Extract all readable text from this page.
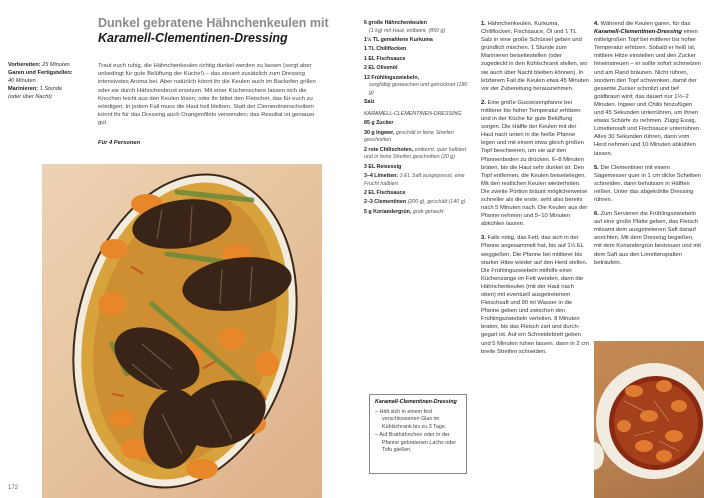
Dunkel gebratene Hähnchenkeulen mit
Karamell-Clementinen-Dressing
Vorbereiten: 25 Minuten
Garen und Fertigstellen:
40 Minuten
Marinieren: 1 Stunde
(oder über Nacht)
Traut euch ruhig, die Hähnchenkeulen richtig dunkel werden zu lassen (sorgt aber unbedingt für gute Belüftung der Küche!) – das steuert zusätzlich zum Dressing intensivstes Aroma bei. Aber natürlich könnt ihr die Keulen auch im Backofen grillen oder sie durch Hähnchenbrust ersetzen. Mit einer Küchenschere lassen sich die Knochen leicht aus den Keulen lösen; oder ihr bittet den Fleischer, das für euch zu erledigen. In jedem Fall muss die Haut heil bleiben. Statt der Clementinenscheiben könnt ihr für das Dressing auch Orangenfilets verwenden; das Resultat ist genauso gut.
Für 4 Personen
172
6 große Hähnchenkeulen
(1 kg) mit Haut, entbeint, (850 g)
1½ TL gemahlene Kurkuma
1 TL Chiliflocken
1 EL Fischsauce
2 EL Olivenöl
12 Frühlingszwiebeln,
sorgfältig gewaschen und getrocknet (180 g)
Salz
KARAMELL-CLEMENTINEN-DRESSING
85 g Zucker
30 g Ingwer, geschält in feine Streifen geschnitten
2 rote Chilischoten, entkernt, quer halbiert und in feine Streifen geschnitten (20 g)
3 EL Reisessig
3–4 Limetten: 3 EL Saft ausgepresst, eine Frucht halbiert
2 EL Fischsauce
2–3 Clementinen (200 g), geschält (140 g)
5 g Koriandergrün, grob gehackt
Karamell-Clementinen-Dressing
– Hält sich in einem fest verschlossenen Glas im Kühlschrank bis zu 3 Tage.
– Auf Brathähnchen oder in der Pfanne gebratenen Lachs oder Tofu gießen.

1. Hähnchenkeulen, Kurkuma, Chiliflocken, Fischsauce, Öl und 1 TL Salz in eine große Schüssel geben und gründlich mischen. 1 Stunde zum Marinieren beiseitestellen (oder zugedeckt in den Kühlschrank stellen, wo sie auch über Nacht bleiben können). In letzterem Fall die Keulen etwa 45 Minuten vor der Zubereitung herausnehmen.

2. Eine große Gusseisenpfanne bei mittlerer bis hoher Temperatur erhitzen und in der Küche für gute Belüftung sorgen. Die Hälfte der Keulen mit der Haut nach unten in die heiße Pfanne legen und mit einem etwa gleich großen Topf beschweren, um sie auf den Pfannenboden zu drücken. 6–8 Minuten braten, bis die Haut sehr dunkel ist. Den Topf entfernen, die Keulen beiseitelegen. Mit den restlichen Keulen wiederholen. Die zweite Portion bräunt möglicherweise schneller als die erste, seht also bereits nach 5 Minuten nach. Die Keulen aus der Pfanne nehmen und 5–10 Minuten abkühlen lassen.

3. Falls nötig, das Fett, das sich in der Pfanne angesammelt hat, bis auf 1½ EL weggießen. Die Pfanne bei mittlerer bis starker Hitze wieder auf den Herd stellen. Die Frühlingszwiebeln mithilfe einer Küchenzange im Fett wenden, dann die Hähnchenkeulen (mit der Haut nach oben) mit eventuell ausgetretenem Fleischsaft und 90 ml Wasser in die Pfanne geben und zwischen den Frühlingszwiebeln verteilen. 8 Minuten braten, bis das Fleisch zart und durchgegart ist. Auf ein Schneidebrett geben und 5 Minuten ruhen lassen, dann in 2 cm breite Streifen schneiden.

4. Während die Keulen garen, für das Karamell-Clementinen-Dressing einen mittelgroßen Topf bei mittlerer bis hoher Temperatur erhitzen. Sobald er heiß ist, mittlere Hitze einstellen und den Zucker hineinstreuen – er sollte sofort schmelzen und am Rand bräunen. Nicht rühren, sondern den Topf schwenken, damit der gesamte Zucker schmilzt und tief goldbraun wird; das dauert nur 1½–2 Minuten. Ingwer und Chilis hinzufügen und 45 Sekunden unterrühren, um ihnen etwas Schärfe zu nehmen. Zügig Essig, Limettensaft und Fischsauce unterrühren. Alles 30 Sekunden rühren, dann vom Herd nehmen und 10 Minuten abkühlen lassen.

5. Die Clementinen mit einem Sägemesser quer in 1 cm dicke Scheiben schneiden, dann behutsam in Hälften reißen. Unter das abgekühlte Dressing rühren.

6. Zum Servieren die Frühlingszwiebeln auf eine große Platte geben, das Fleisch mitsamt dem ausgetretenen Saft darauf anrichten. Mit dem Dressing begießen, mit dem Koriandergrün bestreuen und mit dem Saft aus den Limettenspalten beträufeln.
